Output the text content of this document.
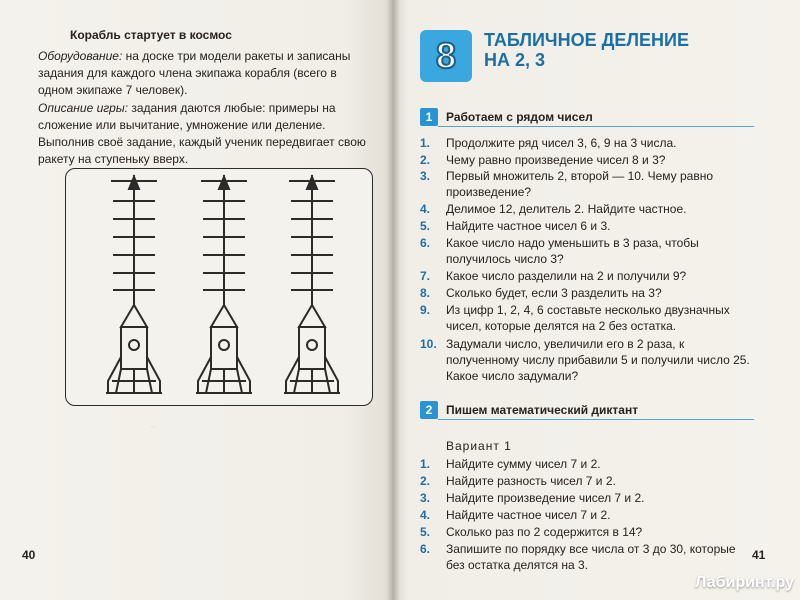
Корабль стартует в космос
Оборудование: на доске три модели ракеты и записаны задания для каждого члена экипажа корабля (всего в одном экипаже 7 человек).
Описание игры: задания даются любые: примеры на сложение или вычитание, умножение или деление. Выполнив своё задание, каждый ученик передвигает свою ракету на ступеньку вверх.
~
40
8 ТАБЛИЧНОЕ ДЕЛЕНИЕ НА 2, 3
1	Работаем с рядом чисел
1.	Продолжите ряд чисел 3, 6, 9 на 3 числа.
2.	Чему равно произведение чисел 8 и 3?
3.	Первый множитель 2, второй — 10. Чему равно произведение?
4.	Делимое 12, делитель 2. Найдите частное.
5.	Найдите частное чисел 6 и 3.
6.	Какое число надо уменьшить в 3 раза, чтобы получилось число 3?
7.	Какое число разделили на 2 и получили 9?
8.	Сколько будет, если 3 разделить на 3?
9.	Из цифр 1, 2, 4, 6 составьте несколько двузначных чисел, которые делятся на 2 без остатка.
10. Задумали число, увеличили его в 2 раза, к полученному числу прибавили 5 и получили число 25. Какое число задумали?
2	Пишем математический диктант
Вариант 1
1.	Найдите сумму чисел 7 и 2.
2.	Найдите разность чисел 7 и 2.
3.	Найдите произведение чисел 7 и 2.
4.	Найдите частное чисел 7 и 2.
5.	Сколько раз по 2 содержится в 14?
6.	Запишите по порядку все числа от 3 до 30, которые без остатка делятся на 3.
41
Лабиринт.ру
